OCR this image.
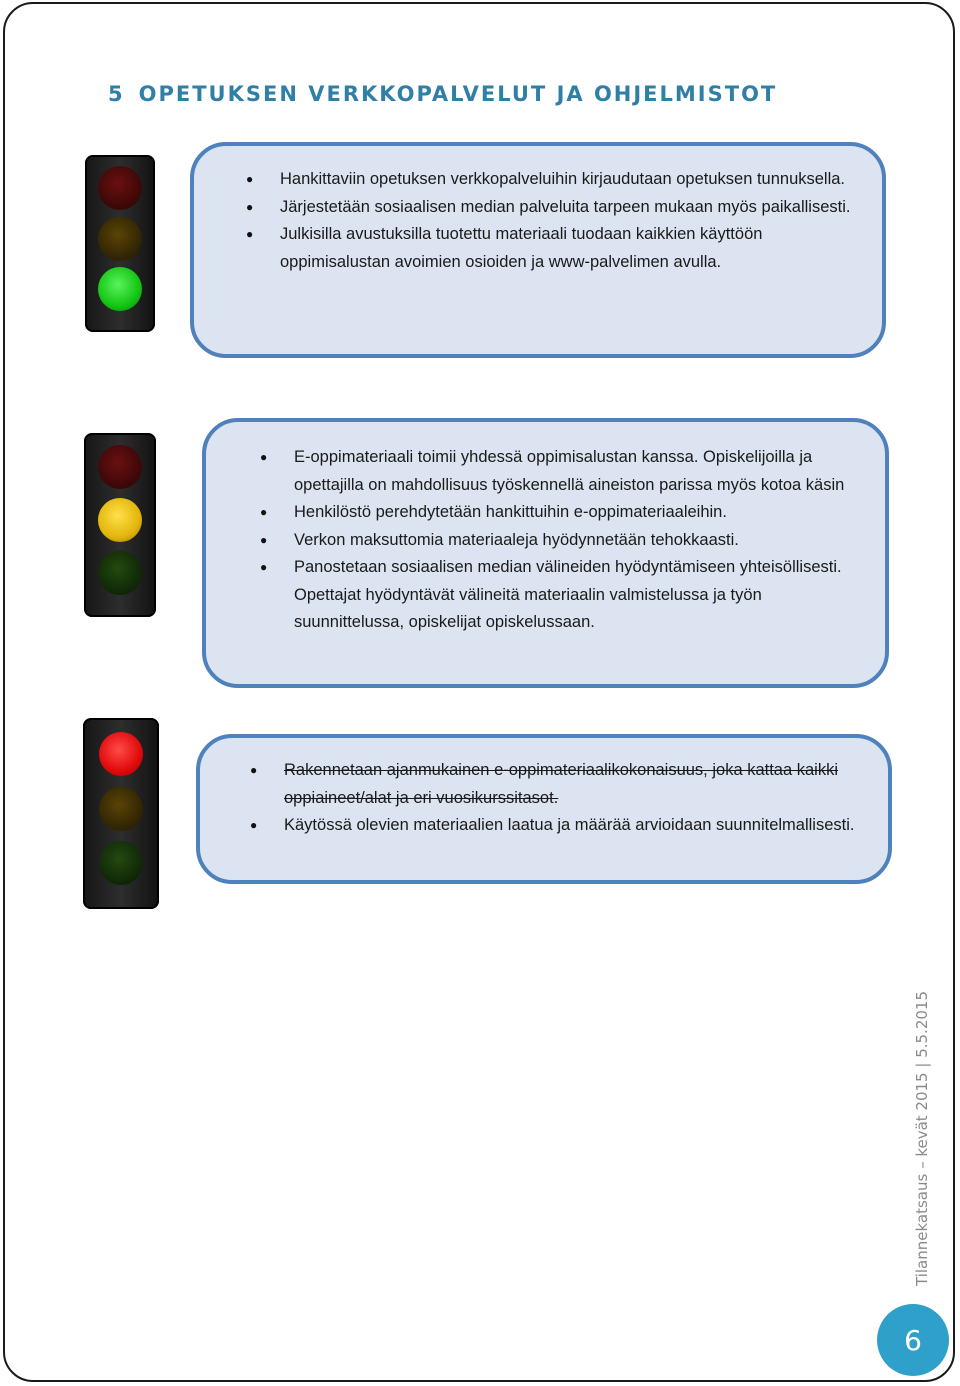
5 OPETUKSEN VERKKOPALVELUT JA OHJELMISTOT
● Hankittaviin opetuksen verkkopalveluihin kirjaudutaan opetuksen tunnuksella.
● Järjestetään sosiaalisen median palveluita tarpeen mukaan myös paikallisesti.
● Julkisilla avustuksilla tuotettu materiaali tuodaan kaikkien käyttöön oppimisalustan avoimien osioiden ja www-palvelimen avulla.
● E-oppimateriaali toimii yhdessä oppimisalustan kanssa. Opiskelijoilla ja opettajilla on mahdollisuus työskennellä aineiston parissa myös kotoa käsin
● Henkilöstö perehdytetään hankittuihin e-oppimateriaaleihin.
● Verkon maksuttomia materiaaleja hyödynnetään tehokkaasti.
● Panostetaan sosiaalisen median välineiden hyödyntämiseen yhteisöllisesti. Opettajat hyödyntävät välineitä materiaalin valmistelussa ja työn suunnittelussa, opiskelijat opiskelussaan.
● Rakennetaan ajanmukainen e-oppimateriaalikokonaisuus, joka kattaa kaikki oppiaineet/alat ja eri vuosikurssitasot.
● Käytössä olevien materiaalien laatua ja määrää arvioidaan suunnitelmallisesti.
Tilannekatsaus – kevät 2015 | 5.5.2015
6
